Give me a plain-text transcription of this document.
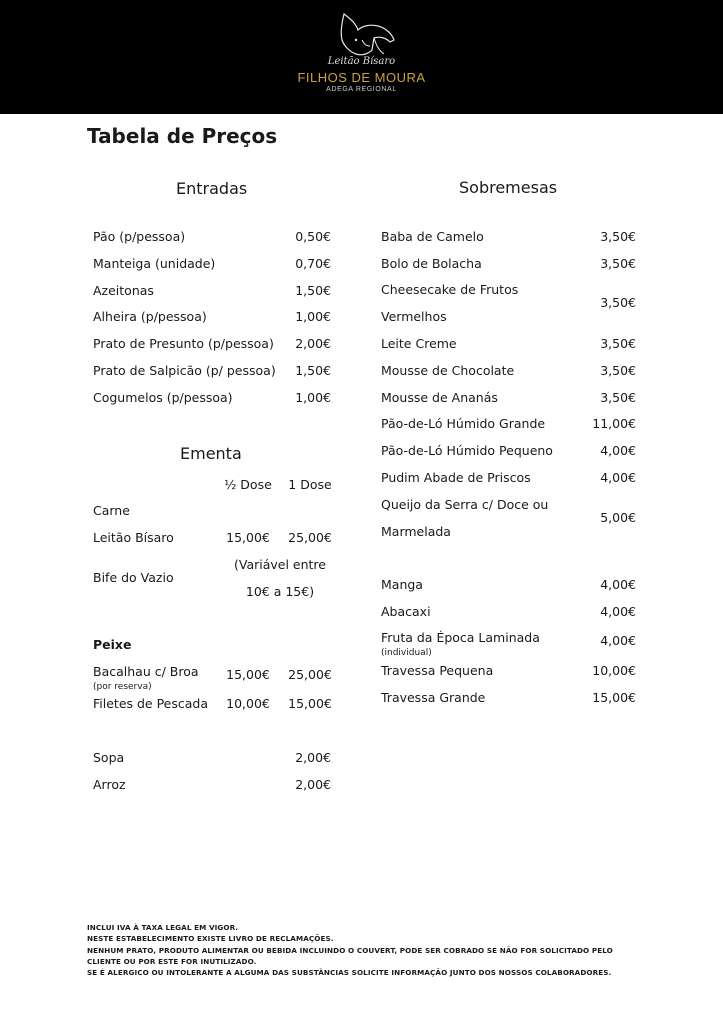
Leitão Bísaro
FILHOS DE MOURA
ADEGA REGIONAL
Tabela de Preços
Entradas
Pão (p/pessoa)	0,50€
Manteiga (unidade)	0,70€
Azeitonas	1,50€
Alheira (p/pessoa)	1,00€
Prato de Presunto (p/pessoa)	2,00€
Prato de Salpicão (p/ pessoa)	1,50€
Cogumelos (p/pessoa)	1,00€
Ementa
½ Dose	1 Dose
Carne
Leitão Bísaro	15,00€	25,00€
Bife do Vazio
(Variável entre
10€ a 15€)
Peixe
Bacalhau c/ Broa
(por reserva)
15,00€	25,00€
Filetes de Pescada	10,00€	15,00€
Sopa	2,00€
Arroz	2,00€
Sobremesas
Baba de Camelo	3,50€
Bolo de Bolacha	3,50€
Cheesecake de Frutos
Vermelhos
3,50€
Leite Creme	3,50€
Mousse de Chocolate	3,50€
Mousse de Ananás	3,50€
Pão-de-Ló Húmido Grande	11,00€
Pão-de-Ló Húmido Pequeno	4,00€
Pudim Abade de Priscos	4,00€
Queijo da Serra c/ Doce ou
Marmelada
5,00€
Manga	4,00€
Abacaxi	4,00€
Fruta da Época Laminada
(individual)
4,00€
Travessa Pequena	10,00€
Travessa Grande	15,00€
INCLUI IVA À TAXA LEGAL EM VIGOR.
NESTE ESTABELECIMENTO EXISTE LIVRO DE RECLAMAÇÕES.
NENHUM PRATO, PRODUTO ALIMENTAR OU BEBIDA INCLUINDO O COUVERT, PODE SER COBRADO SE NÃO FOR SOLICITADO PELO
CLIENTE OU POR ESTE FOR INUTILIZADO.
SE É ALERGICO OU INTOLERANTE A ALGUMA DAS SUBSTÂNCIAS SOLICITE INFORMAÇÃO JUNTO DOS NOSSOS COLABORADORES.
